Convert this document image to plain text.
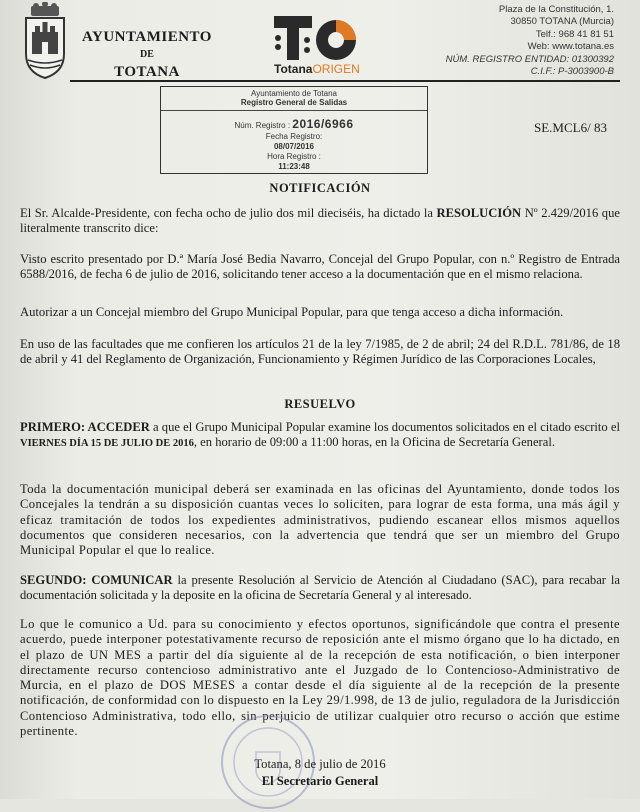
AYUNTAMIENTO
DE
TOTANA	TotanaORIGEN
Plaza de la Constitución, 1.
30850 TOTANA (Murcia)
Telf.: 968 41 81 51
Web: www.totana.es
NÚM. REGISTRO ENTIDAD: 01300392
C.I.F.: P-3003900-B
Ayuntamiento de Totana
Registro General de Salidas
Núm. Registro : 2016/6966
Fecha Registro:
08/07/2016
Hora Registro :
11:23:48
SE.MCL6/ 83
NOTIFICACIÓN
El Sr. Alcalde-Presidente, con fecha ocho de julio dos mil dieciséis, ha dictado la RESOLUCIÓN Nº 2.429/2016 que literalmente transcrito dice:
Visto escrito presentado por D.ª María José Bedia Navarro, Concejal del Grupo Popular, con n.º Registro de Entrada 6588/2016, de fecha 6 de julio de 2016, solicitando tener acceso a la documentación que en el mismo relaciona.
Autorizar a un Concejal miembro del Grupo Municipal Popular, para que tenga acceso a dicha información.
En uso de las facultades que me confieren los artículos 21 de la ley 7/1985, de 2 de abril; 24 del R.D.L. 781/86, de 18 de abril y 41 del Reglamento de Organización, Funcionamiento y Régimen Jurídico de las Corporaciones Locales,
RESUELVO
PRIMERO: ACCEDER a que el Grupo Municipal Popular examine los documentos solicitados en el citado escrito el VIERNES DÍA 15 DE JULIO DE 2016, en horario de 09:00 a 11:00 horas, en la Oficina de Secretaría General.
Toda la documentación municipal deberá ser examinada en las oficinas del Ayuntamiento, donde todos los Concejales la tendrán a su disposición cuantas veces lo soliciten, para lograr de esta forma, una más ágil y eficaz tramitación de todos los expedientes administrativos, pudiendo escanear ellos mismos aquellos documentos que consideren necesarios, con la advertencia que tendrá que ser un miembro del Grupo Municipal Popular el que lo realice.
SEGUNDO: COMUNICAR la presente Resolución al Servicio de Atención al Ciudadano (SAC), para recabar la documentación solicitada y la deposite en la oficina de Secretaría General y al interesado.
Lo que le comunico a Ud. para su conocimiento y efectos oportunos, significándole que contra el presente acuerdo, puede interponer potestativamente recurso de reposición ante el mismo órgano que lo ha dictado, en el plazo de UN MES a partir del día siguiente al de la recepción de esta notificación, o bien interponer directamente recurso contencioso administrativo ante el Juzgado de lo Contencioso-Administrativo de Murcia, en el plazo de DOS MESES a contar desde el día siguiente al de la recepción de la presente notificación, de conformidad con lo dispuesto en la Ley 29/1.998, de 13 de julio, reguladora de la Jurisdicción Contencioso Administrativa, todo ello, sin perjuicio de utilizar cualquier otro recurso o acción que estime pertinente.
Totana, 8 de julio de 2016
El Secretario General
